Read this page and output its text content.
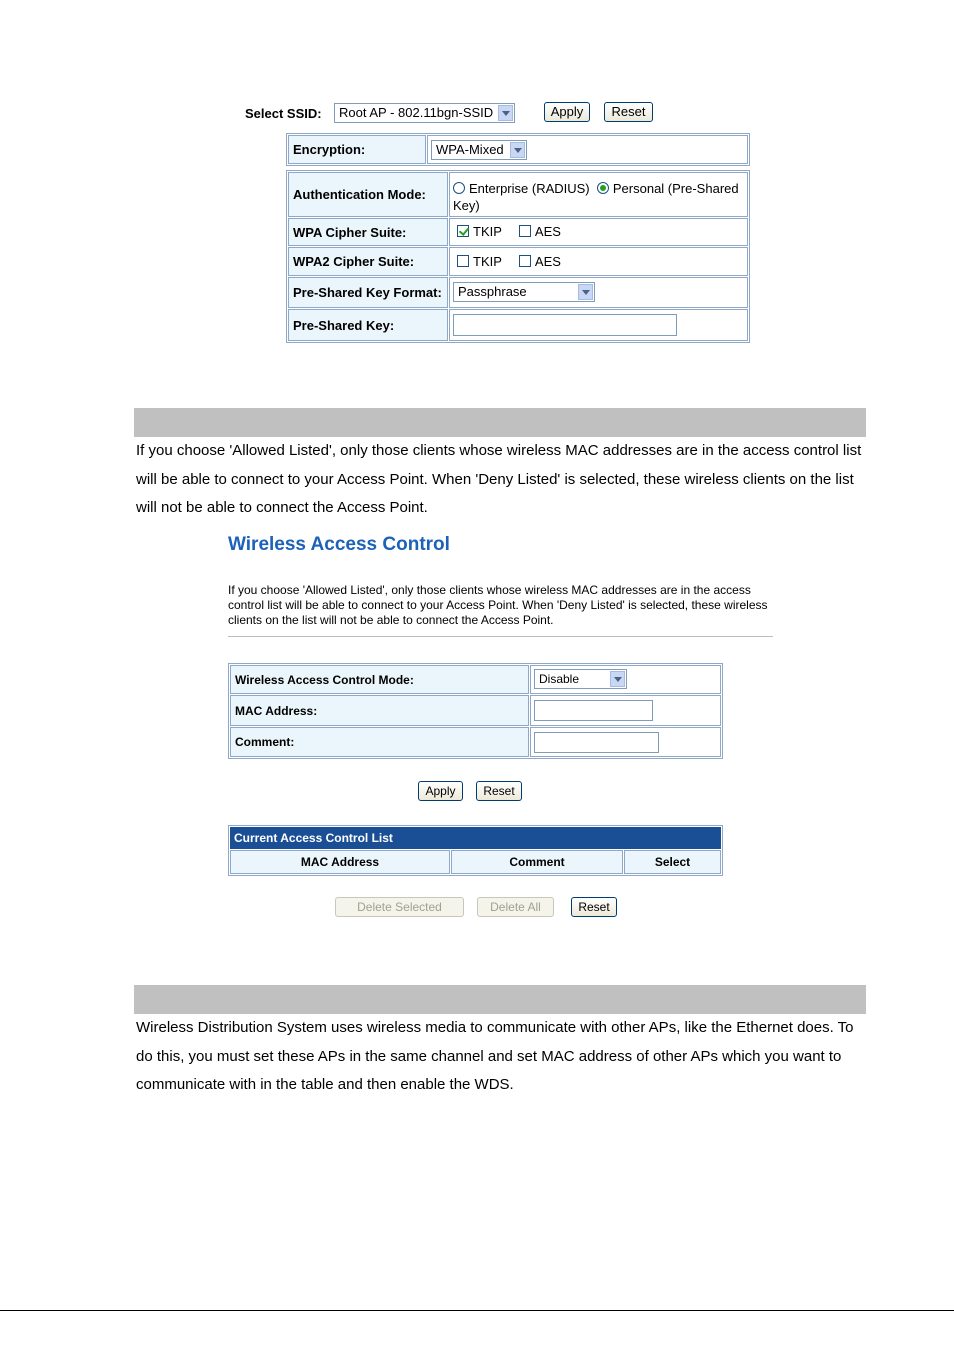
Select SSID:	Root AP - 802.11bgn-SSID	Apply	Reset
Encryption:	WPA-Mixed
Authentication Mode:	Enterprise (RADIUS) Personal (Pre-Shared Key)
WPA Cipher Suite:	TKIP	AES
WPA2 Cipher Suite:	TKIP	AES
Pre-Shared Key Format:	Passphrase
Pre-Shared Key:
If you choose 'Allowed Listed', only those clients whose wireless MAC addresses are in the access control list will be able to connect to your Access Point. When 'Deny Listed' is selected, these wireless clients on the list will not be able to connect the Access Point.
Wireless Access Control
If you choose 'Allowed Listed', only those clients whose wireless MAC addresses are in the access control list will be able to connect to your Access Point. When 'Deny Listed' is selected, these wireless clients on the list will not be able to connect the Access Point.
Wireless Access Control Mode:	Disable
MAC Address:
Comment:
Apply	Reset
Current Access Control List
MAC Address	Comment	Select
Delete Selected	Delete All	Reset
Wireless Distribution System uses wireless media to communicate with other APs, like the Ethernet does. To do this, you must set these APs in the same channel and set MAC address of other APs which you want to communicate with in the table and then enable the WDS.
